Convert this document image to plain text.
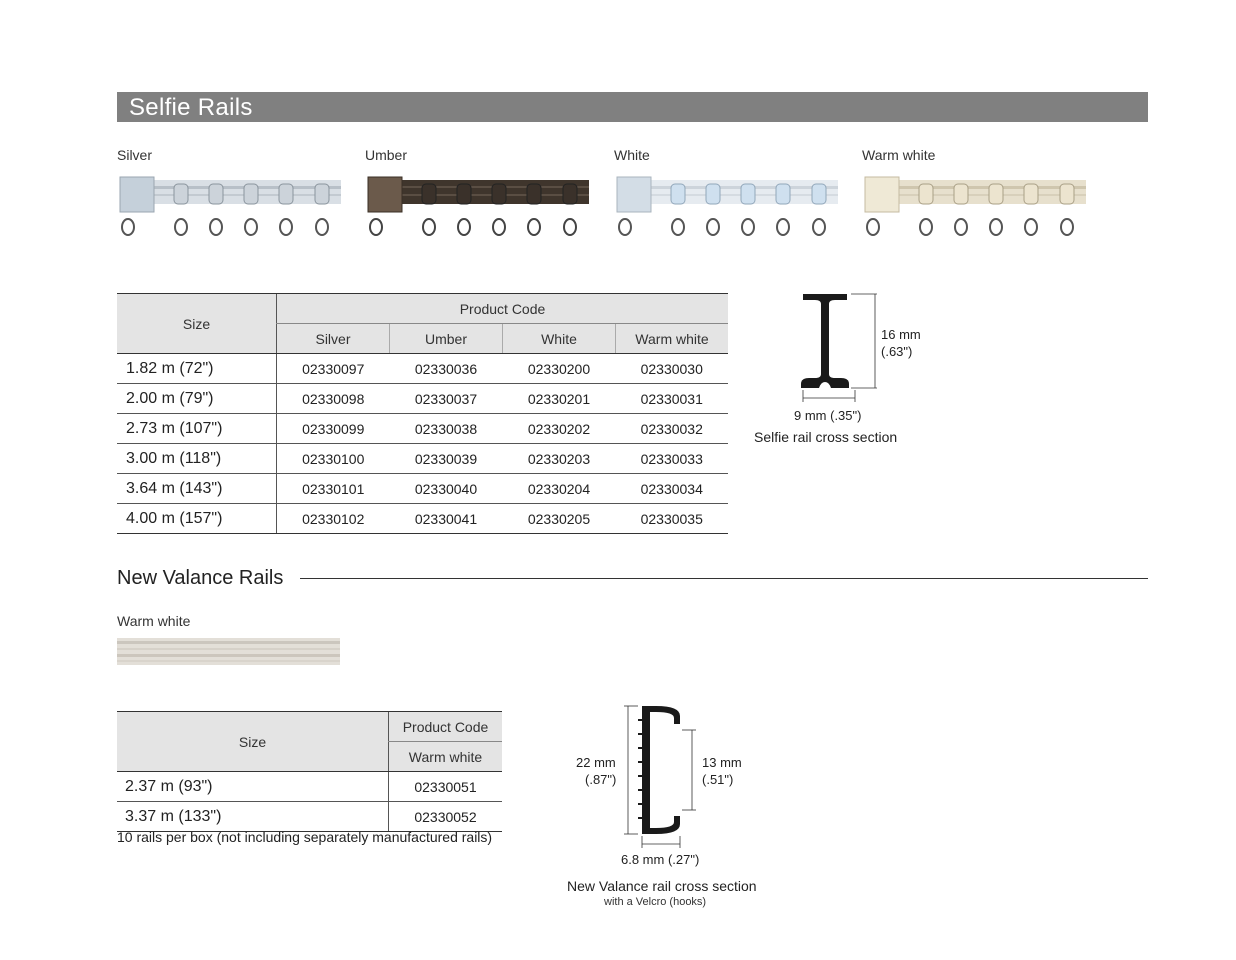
Selfie Rails
Silver	Umber	White	Warm white
Size	Product Code			
	Silver	Umber	White	Warm white
1.82 m (72")	02330097	02330036	02330200	02330030
2.00 m (79")	02330098	02330037	02330201	02330031
2.73 m (107")	02330099	02330038	02330202	02330032
3.00 m (118")	02330100	02330039	02330203	02330033
3.64 m (143")	02330101	02330040	02330204	02330034
4.00 m (157")	02330102	02330041	02330205	02330035
16 mm
(.63")
9 mm (.35")
Selfie rail cross section
New Valance Rails
Warm white
Size	Product Code
	Warm white
2.37 m (93")	02330051
3.37 m (133")	02330052
10 rails per box (not including separately manufactured rails)
22 mm
(.87")
13 mm
(.51")
6.8 mm (.27")
New Valance rail cross section
with a Velcro (hooks)
